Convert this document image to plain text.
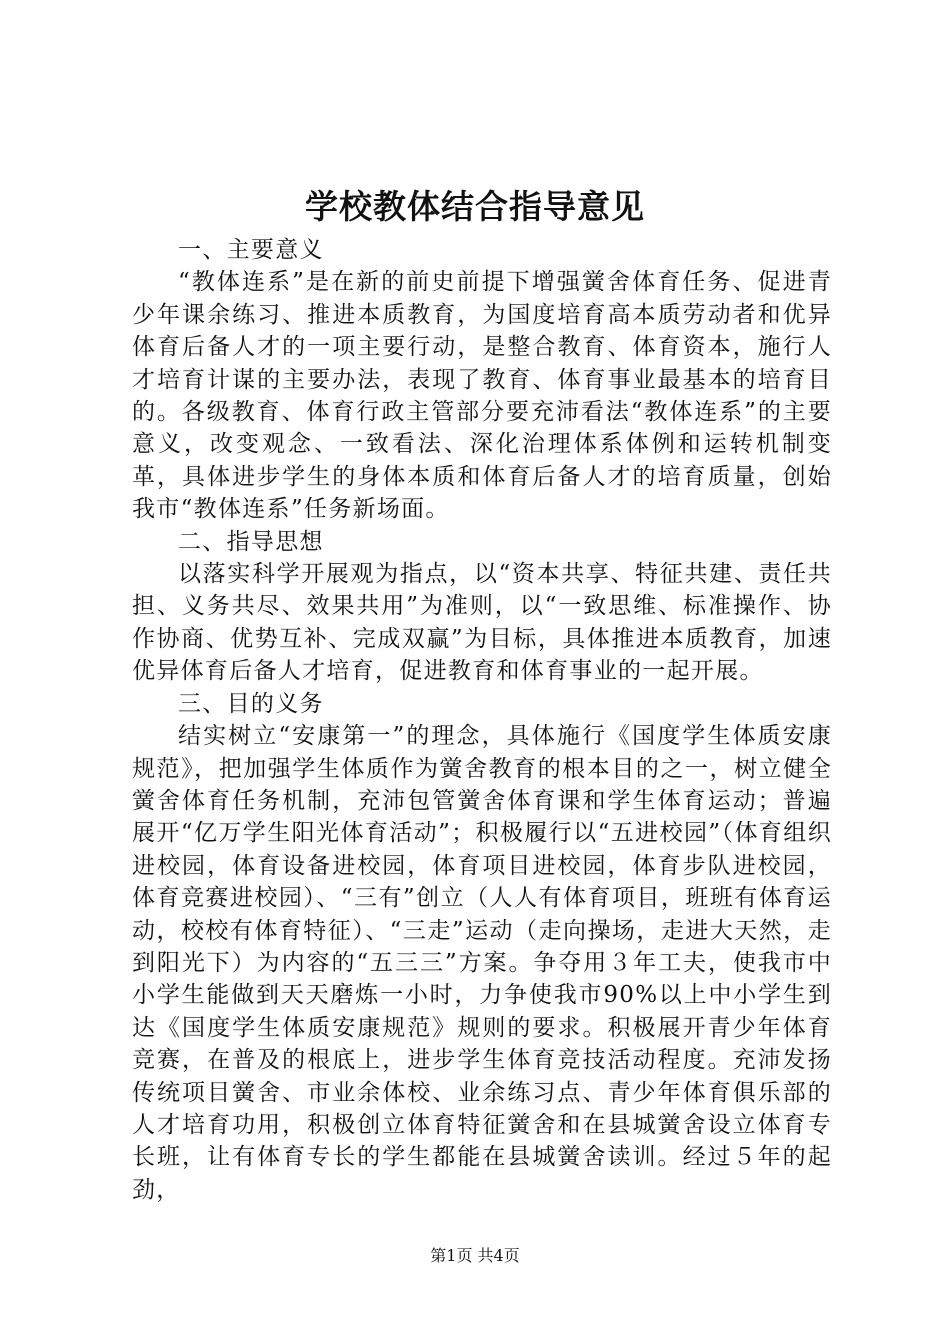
学校教体结合指导意见

一、主要意义

“教体连系”是在新的前史前提下增强黉舍体育任务、促进青少年课余练习、推进本质教育，为国度培育高本质劳动者和优异体育后备人才的一项主要行动，是整合教育、体育资本，施行人才培育计谋的主要办法，表现了教育、体育事业最基本的培育目的。各级教育、体育行政主管部分要充沛看法“教体连系”的主要意义，改变观念、一致看法、深化治理体系体例和运转机制变革，具体进步学生的身体本质和体育后备人才的培育质量，创始我市“教体连系”任务新场面。

二、指导思想

以落实科学开展观为指点，以“资本共享、特征共建、责任共担、义务共尽、效果共用”为准则，以“一致思维、标准操作、协作协商、优势互补、完成双赢”为目标，具体推进本质教育，加速优异体育后备人才培育，促进教育和体育事业的一起开展。

三、目的义务

结实树立“安康第一”的理念，具体施行《国度学生体质安康规范》，把加强学生体质作为黉舍教育的根本目的之一，树立健全黉舍体育任务机制，充沛包管黉舍体育课和学生体育运动；普遍展开“亿万学生阳光体育活动”；积极履行以“五进校园”（体育组织进校园，体育设备进校园，体育项目进校园，体育步队进校园，体育竞赛进校园）、“三有”创立（人人有体育项目，班班有体育运动，校校有体育特征）、“三走”运动（走向操场，走进大天然，走到阳光下）为内容的“五三三”方案。争夺用３年工夫，使我市中小学生能做到天天磨炼一小时，力争使我市90%以上中小学生到达《国度学生体质安康规范》规则的要求。积极展开青少年体育竞赛，在普及的根底上，进步学生体育竞技活动程度。充沛发扬传统项目黉舍、市业余体校、业余练习点、青少年体育俱乐部的人才培育功用，积极创立体育特征黉舍和在县城黉舍设立体育专长班，让有体育专长的学生都能在县城黉舍读训。经过５年的起劲，

第1页 共4页
